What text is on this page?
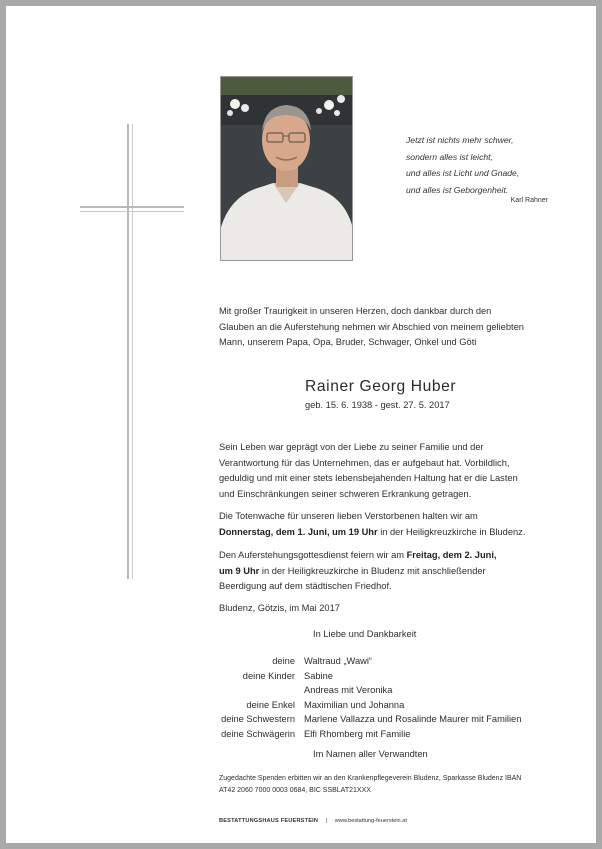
Jetzt ist nichts mehr schwer,
sondern alles ist leicht,
und alles ist Licht und Gnade,
und alles ist Geborgenheit.
Karl Rahner
Mit großer Traurigkeit in unseren Herzen, doch dankbar durch den
Glauben an die Auferstehung nehmen wir Abschied von meinem geliebten
Mann, unserem Papa, Opa, Bruder, Schwager, Onkel und Göti
Rainer Georg Huber
geb. 15. 6. 1938 - gest. 27. 5. 2017
Sein Leben war geprägt von der Liebe zu seiner Familie und der
Verantwortung für das Unternehmen, das er aufgebaut hat. Vorbildlich,
geduldig und mit einer stets lebensbejahenden Haltung hat er die Lasten
und Einschränkungen seiner schweren Erkrankung getragen.
Die Totenwache für unseren lieben Verstorbenen halten wir am
Donnerstag, dem 1. Juni, um 19 Uhr in der Heiligkreuzkirche in Bludenz.
Den Auferstehungsgottesdienst feiern wir am Freitag, dem 2. Juni,
um 9 Uhr in der Heiligkreuzkirche in Bludenz mit anschließender
Beerdigung auf dem städtischen Friedhof.
Bludenz, Götzis, im Mai 2017
In Liebe und Dankbarkeit
deine Waltraud „Wawi“
deine Kinder Sabine
Andreas mit Veronika
deine Enkel Maximilian und Johanna
deine Schwestern Marlene Vallazza und Rosalinde Maurer mit Familien
deine Schwägerin Elfi Rhomberg mit Familie
Im Namen aller Verwandten
Zugedachte Spenden erbitten wir an den Krankenpflegeverein Bludenz, Sparkasse Bludenz IBAN
AT42 2060 7000 0003 0684, BIC SSBLAT21XXX
BESTATTUNGSHAUS FEUERSTEIN | www.bestattung-feuerstein.at
